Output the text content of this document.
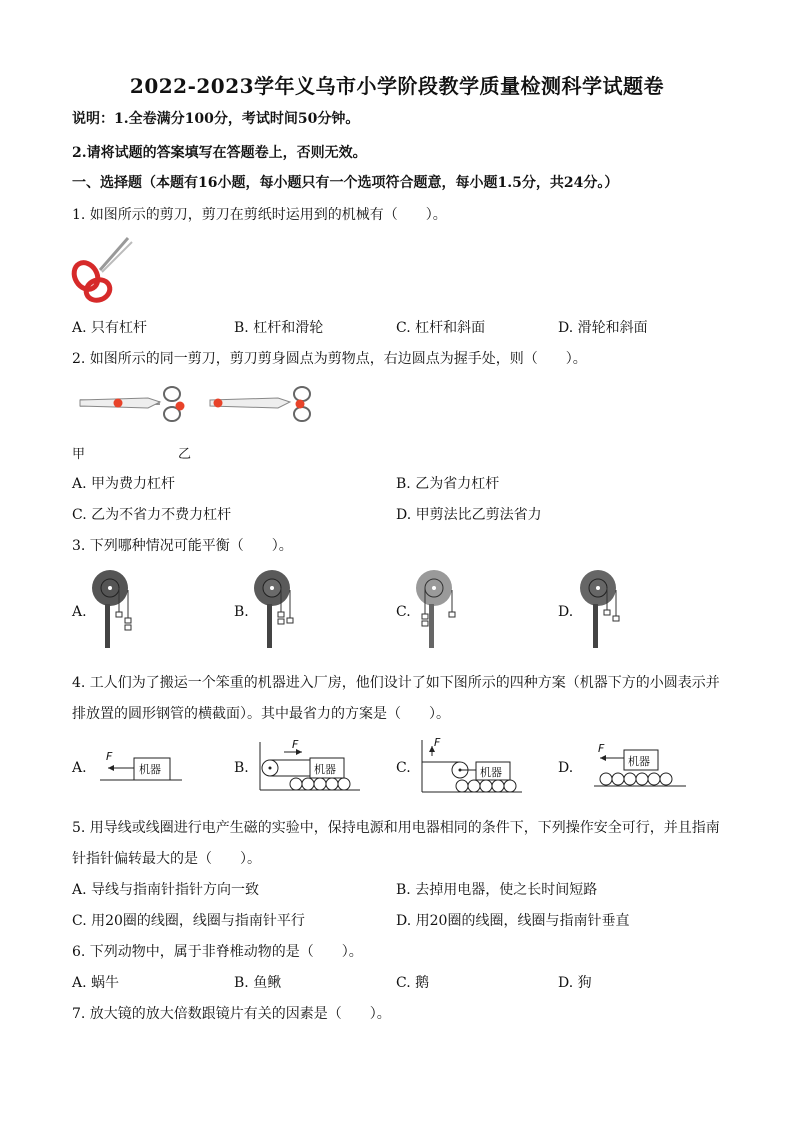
2022-2023学年义乌市小学阶段教学质量检测科学试题卷
说明：1.全卷满分100分，考试时间50分钟。
2.请将试题的答案填写在答题卷上，否则无效。
一、选择题（本题有16小题，每小题只有一个选项符合题意，每小题1.5分，共24分。）
1. 如图所示的剪刀，剪刀在剪纸时运用到的机械有（　　）。
A. 只有杠杆	B. 杠杆和滑轮	C. 杠杆和斜面	D. 滑轮和斜面
2. 如图所示的同一剪刀，剪刀剪身圆点为剪物点，右边圆点为握手处，则（　　）。
甲	乙
A. 甲为费力杠杆	B. 乙为省力杠杆
C. 乙为不省力不费力杠杆	D. 甲剪法比乙剪法省力
3. 下列哪种情况可能平衡（　　）。
A.	B.	C.	D.
4. 工人们为了搬运一个笨重的机器进入厂房，他们设计了如下图所示的四种方案（机器下方的小圆表示并
排放置的圆形钢管的横截面）。其中最省力的方案是（　　）。
A.
F
机器	B.
F
机器	C.
F
机器	D.
F
机器
5. 用导线或线圈进行电产生磁的实验中，保持电源和用电器相同的条件下，下列操作安全可行，并且指南
针指针偏转最大的是（　　）。
A. 导线与指南针指针方向一致	B. 去掉用电器，使之长时间短路
C. 用20圈的线圈，线圈与指南针平行	D. 用20圈的线圈，线圈与指南针垂直
6. 下列动物中，属于非脊椎动物的是（　　）。
A. 蜗牛	B. 鱼鳅	C. 鹅	D. 狗
7. 放大镜的放大倍数跟镜片有关的因素是（　　）。
